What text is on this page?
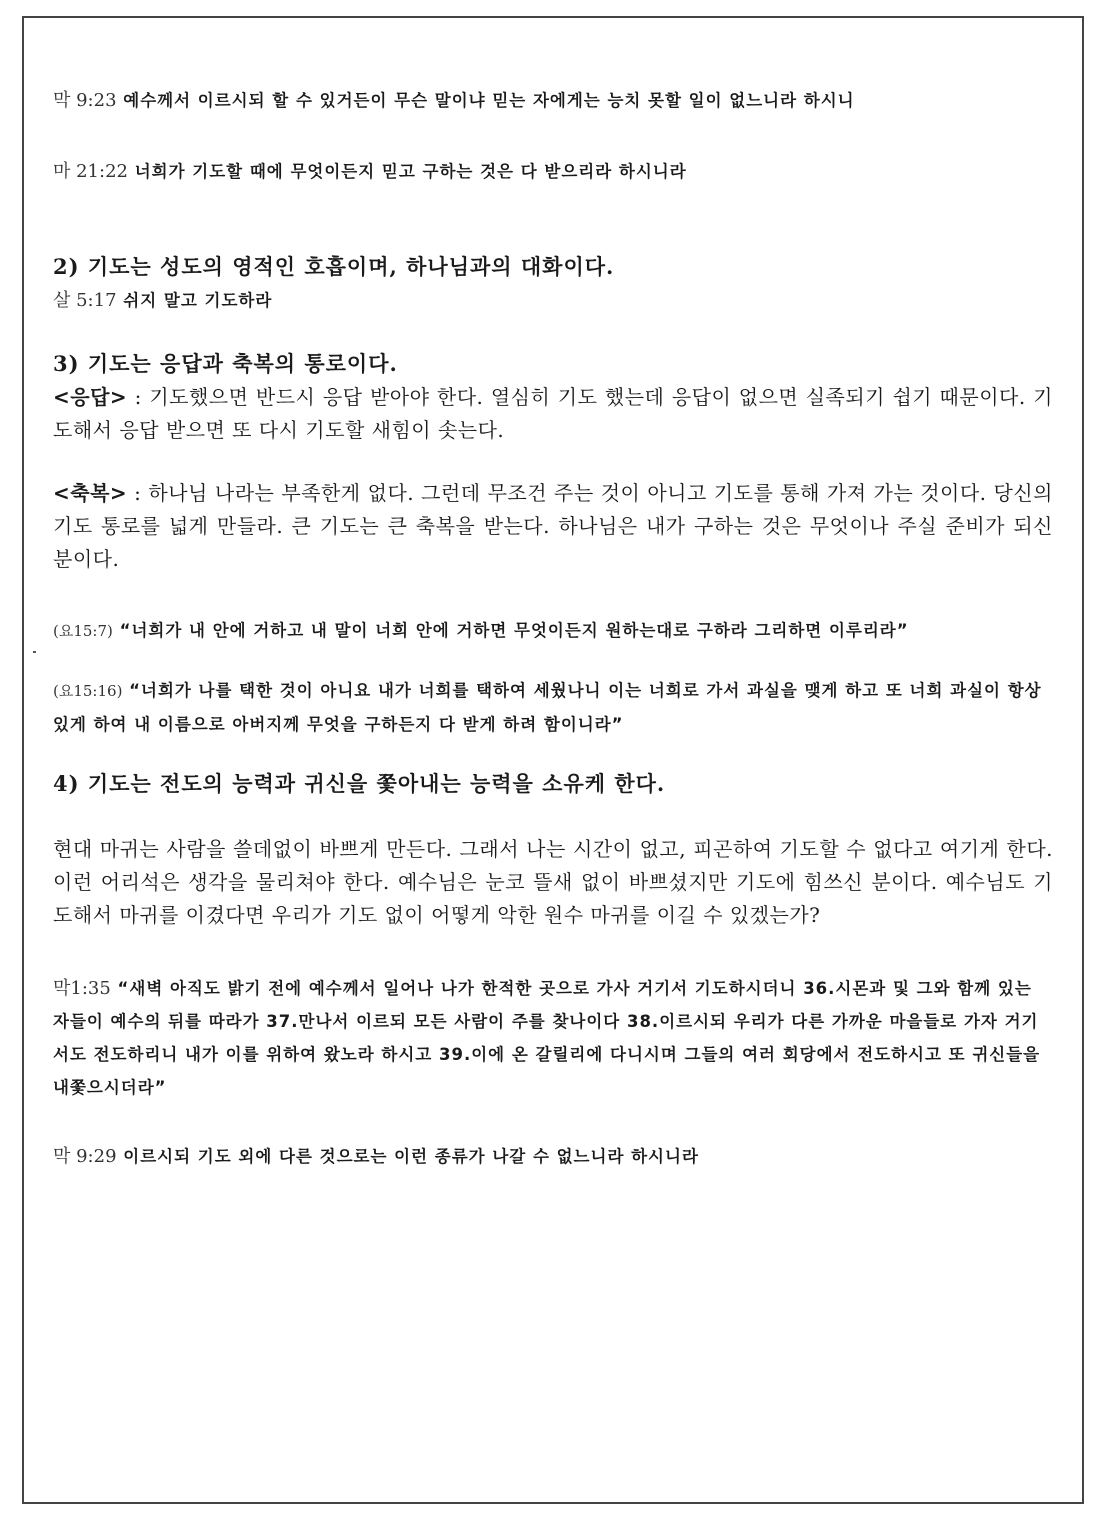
막 9:23 예수께서 이르시되 할 수 있거든이 무슨 말이냐 믿는 자에게는 능치 못할 일이 없느니라 하시니

마 21:22 너희가 기도할 때에 무엇이든지 믿고 구하는 것은 다 받으리라 하시니라

2) 기도는 성도의 영적인 호흡이며, 하나님과의 대화이다.

살 5:17 쉬지 말고 기도하라

3) 기도는 응답과 축복의 통로이다.

<응답> : 기도했으면 반드시 응답 받아야 한다. 열심히 기도 했는데 응답이 없으면 실족되기 쉽기 때문이다. 기도해서 응답 받으면 또 다시 기도할 새힘이 솟는다.

<축복> : 하나님 나라는 부족한게 없다. 그런데 무조건 주는 것이 아니고 기도를 통해 가져 가는 것이다. 당신의 기도 통로를 넓게 만들라. 큰 기도는 큰 축복을 받는다. 하나님은 내가 구하는 것은 무엇이나 주실 준비가 되신 분이다.

(요15:7) “너희가 내 안에 거하고 내 말이 너희 안에 거하면 무엇이든지 원하는대로 구하라 그리하면 이루리라”

(요15:16) “너희가 나를 택한 것이 아니요 내가 너희를 택하여 세웠나니 이는 너희로 가서 과실을 맺게 하고 또 너희 과실이 항상 있게 하여 내 이름으로 아버지께 무엇을 구하든지 다 받게 하려 함이니라”

4) 기도는 전도의 능력과 귀신을 쫓아내는 능력을 소유케 한다.

현대 마귀는 사람을 쓸데없이 바쁘게 만든다. 그래서 나는 시간이 없고, 피곤하여 기도할 수 없다고 여기게 한다. 이런 어리석은 생각을 물리쳐야 한다. 예수님은 눈코 뜰새 없이 바쁘셨지만 기도에 힘쓰신 분이다. 예수님도 기도해서 마귀를 이겼다면 우리가 기도 없이 어떻게 악한 원수 마귀를 이길 수 있겠는가?

막1:35 “새벽 아직도 밝기 전에 예수께서 일어나 나가 한적한 곳으로 가사 거기서 기도하시더니 36.시몬과 및 그와 함께 있는 자들이 예수의 뒤를 따라가 37.만나서 이르되 모든 사람이 주를 찾나이다 38.이르시되 우리가 다른 가까운 마을들로 가자 거기서도 전도하리니 내가 이를 위하여 왔노라 하시고 39.이에 온 갈릴리에 다니시며 그들의 여러 회당에서 전도하시고 또 귀신들을 내쫓으시더라”

막 9:29 이르시되 기도 외에 다른 것으로는 이런 종류가 나갈 수 없느니라 하시니라
